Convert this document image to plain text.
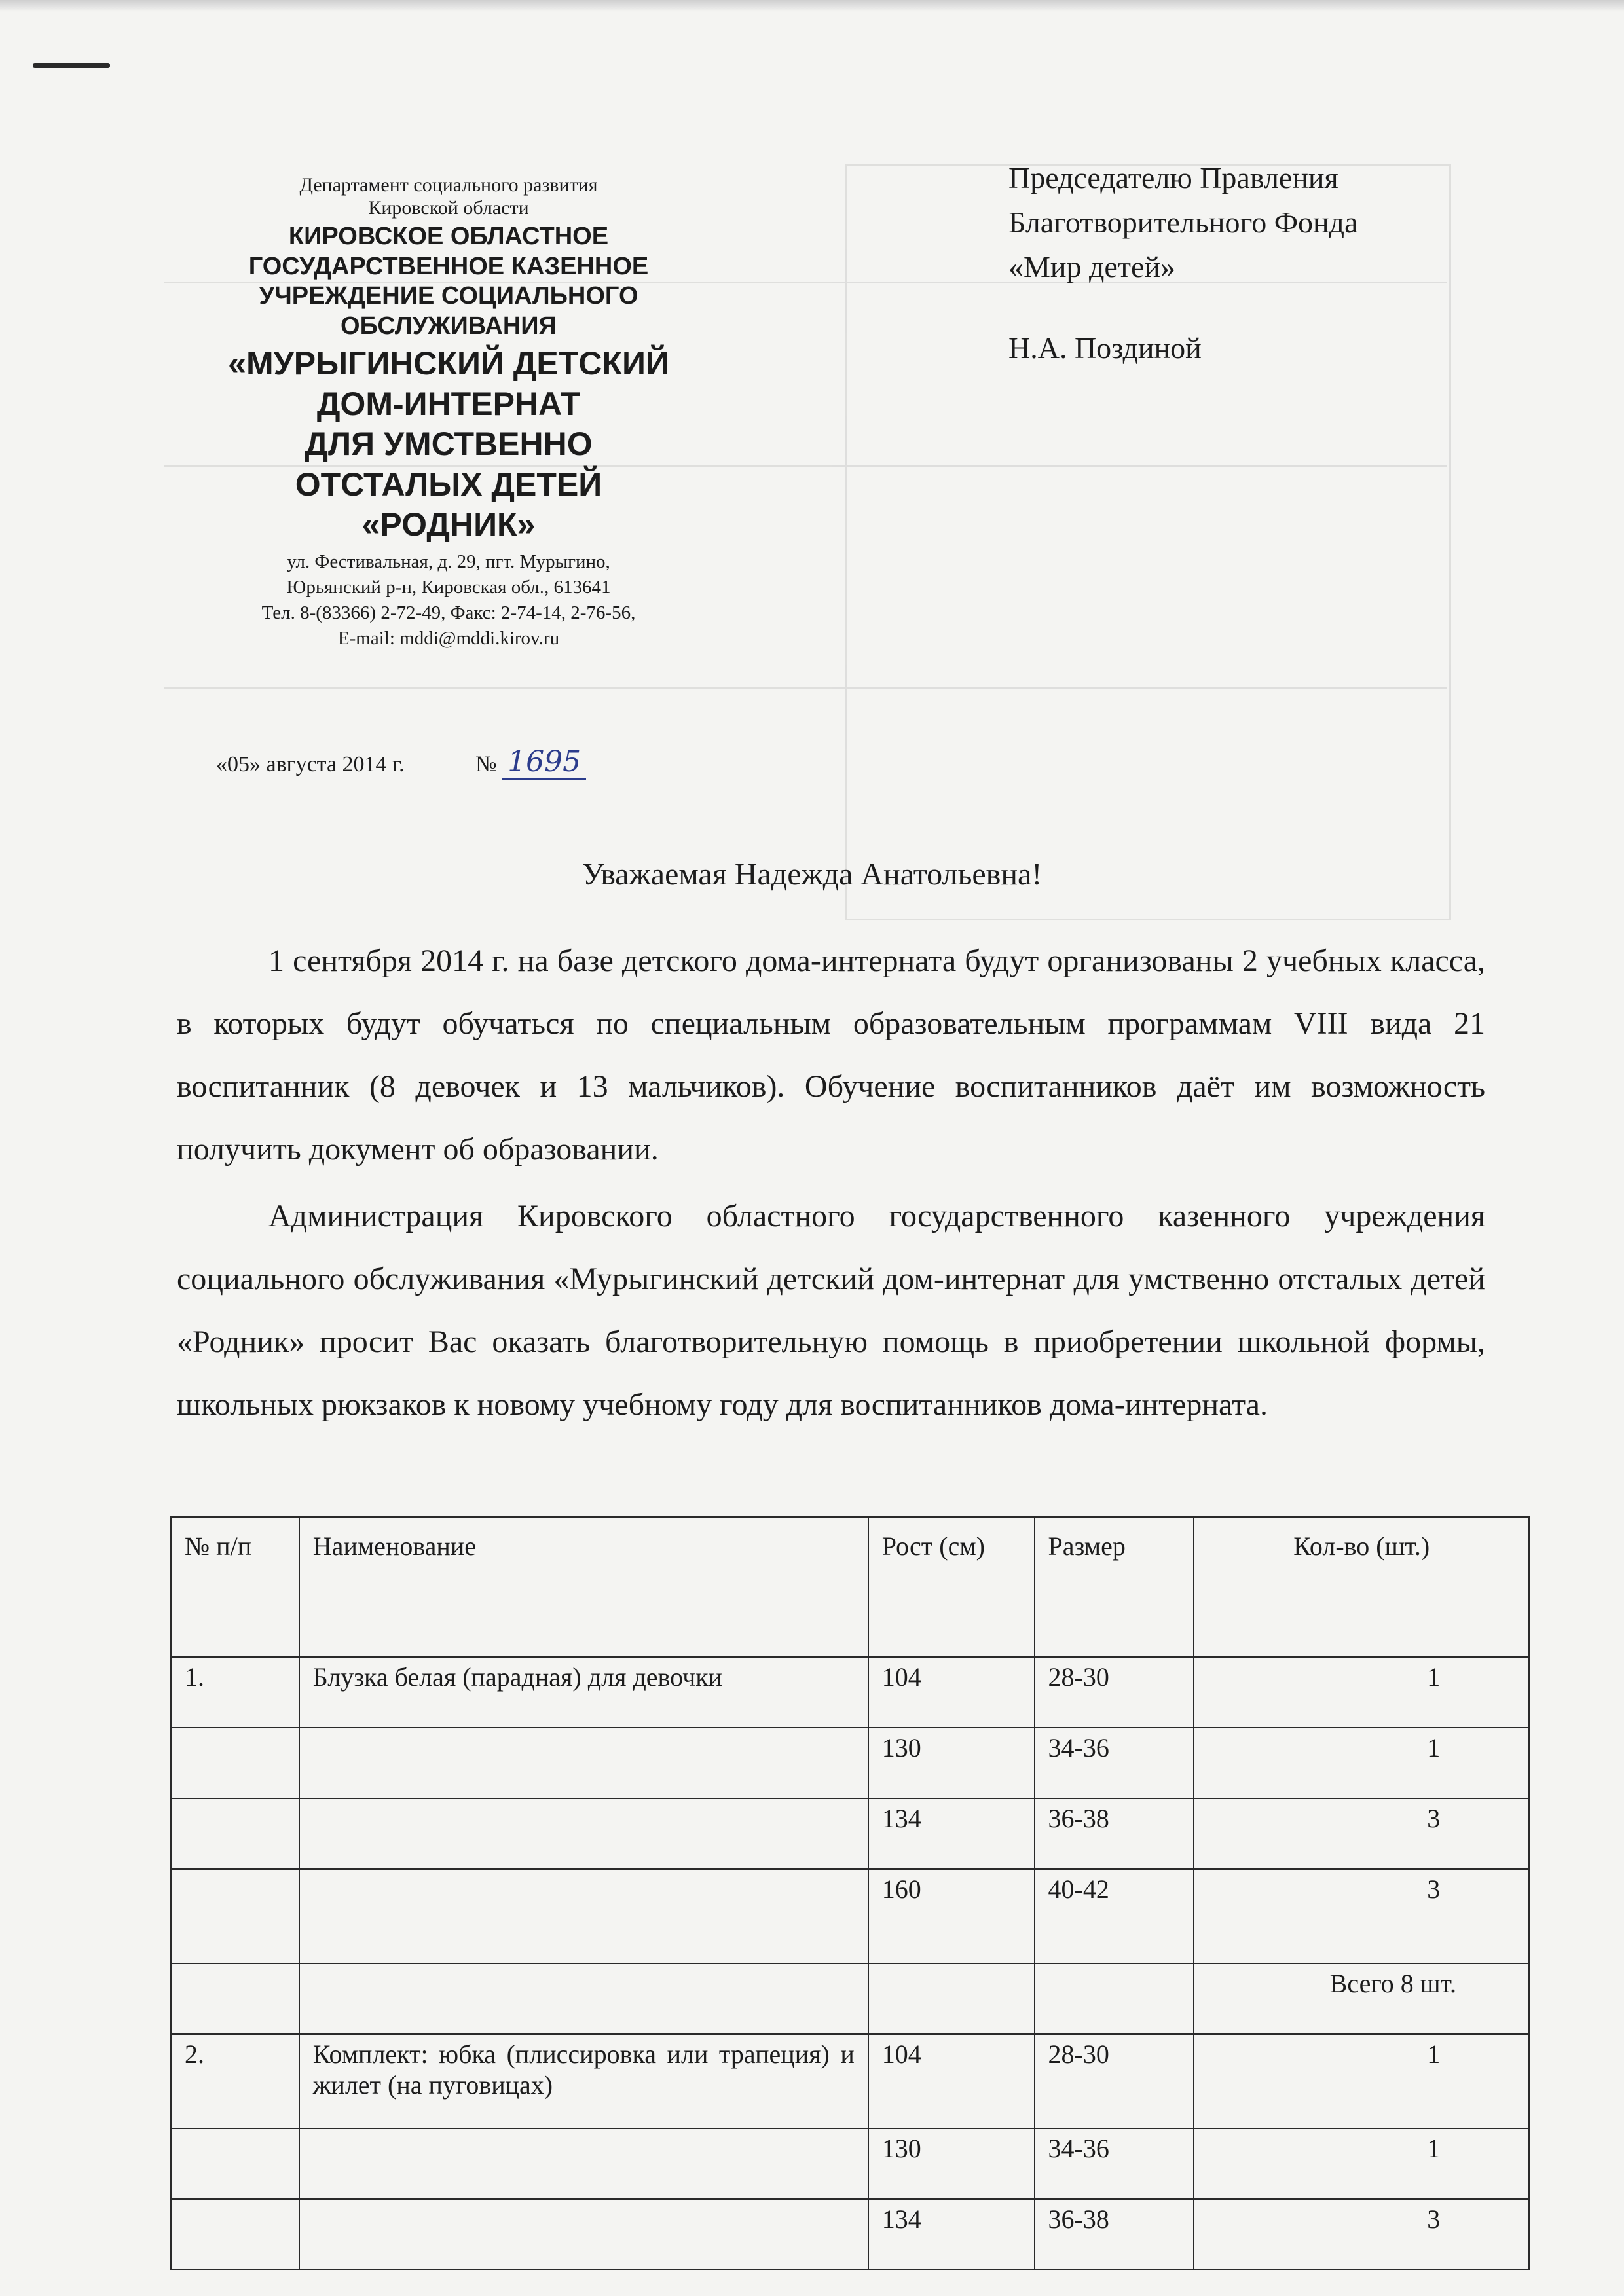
Департамент социального развития
Кировской области
КИРОВСКОЕ ОБЛАСТНОЕ
ГОСУДАРСТВЕННОЕ КАЗЕННОЕ
УЧРЕЖДЕНИЕ СОЦИАЛЬНОГО
ОБСЛУЖИВАНИЯ
«МУРЫГИНСКИЙ ДЕТСКИЙ
ДОМ-ИНТЕРНАТ
ДЛЯ УМСТВЕННО
ОТСТАЛЫХ ДЕТЕЙ
«РОДНИК»
ул. Фестивальная, д. 29, пгт. Мурыгино,
Юрьянский р-н, Кировская обл., 613641
Тел. 8-(83366) 2-72-49, Факс: 2-74-14, 2-76-56,
E-mail: mddi@mddi.kirov.ru
«05» августа 2014 г.	№ 1695
Председателю Правления
Благотворительного Фонда
«Мир детей»
Н.А. Поздиной
Уважаемая Надежда Анатольевна!
1 сентября 2014 г. на базе детского дома-интерната будут организованы 2 учебных класса, в которых будут обучаться по специальным образовательным программам VIII вида 21 воспитанник (8 девочек и 13 мальчиков). Обучение воспитанников даёт им возможность получить документ об образовании.
Администрация Кировского областного государственного казенного учреждения социального обслуживания «Мурыгинский детский дом-интернат для умственно отсталых детей «Родник» просит Вас оказать благотворительную помощь в приобретении школьной формы, школьных рюкзаков к новому учебному году для воспитанников дома-интерната.
№ п/п	Наименование	Рост (см)	Размер	Кол-во (шт.)
1.	Блузка белая (парадная) для девочки	104	28-30	1
		130	34-36	1
		134	36-38	3
		160	40-42	3
				Всего 8 шт.
2.	Комплект: юбка (плиссировка или трапеция) и жилет (на пуговицах)	104	28-30	1
		130	34-36	1
		134	36-38	3
